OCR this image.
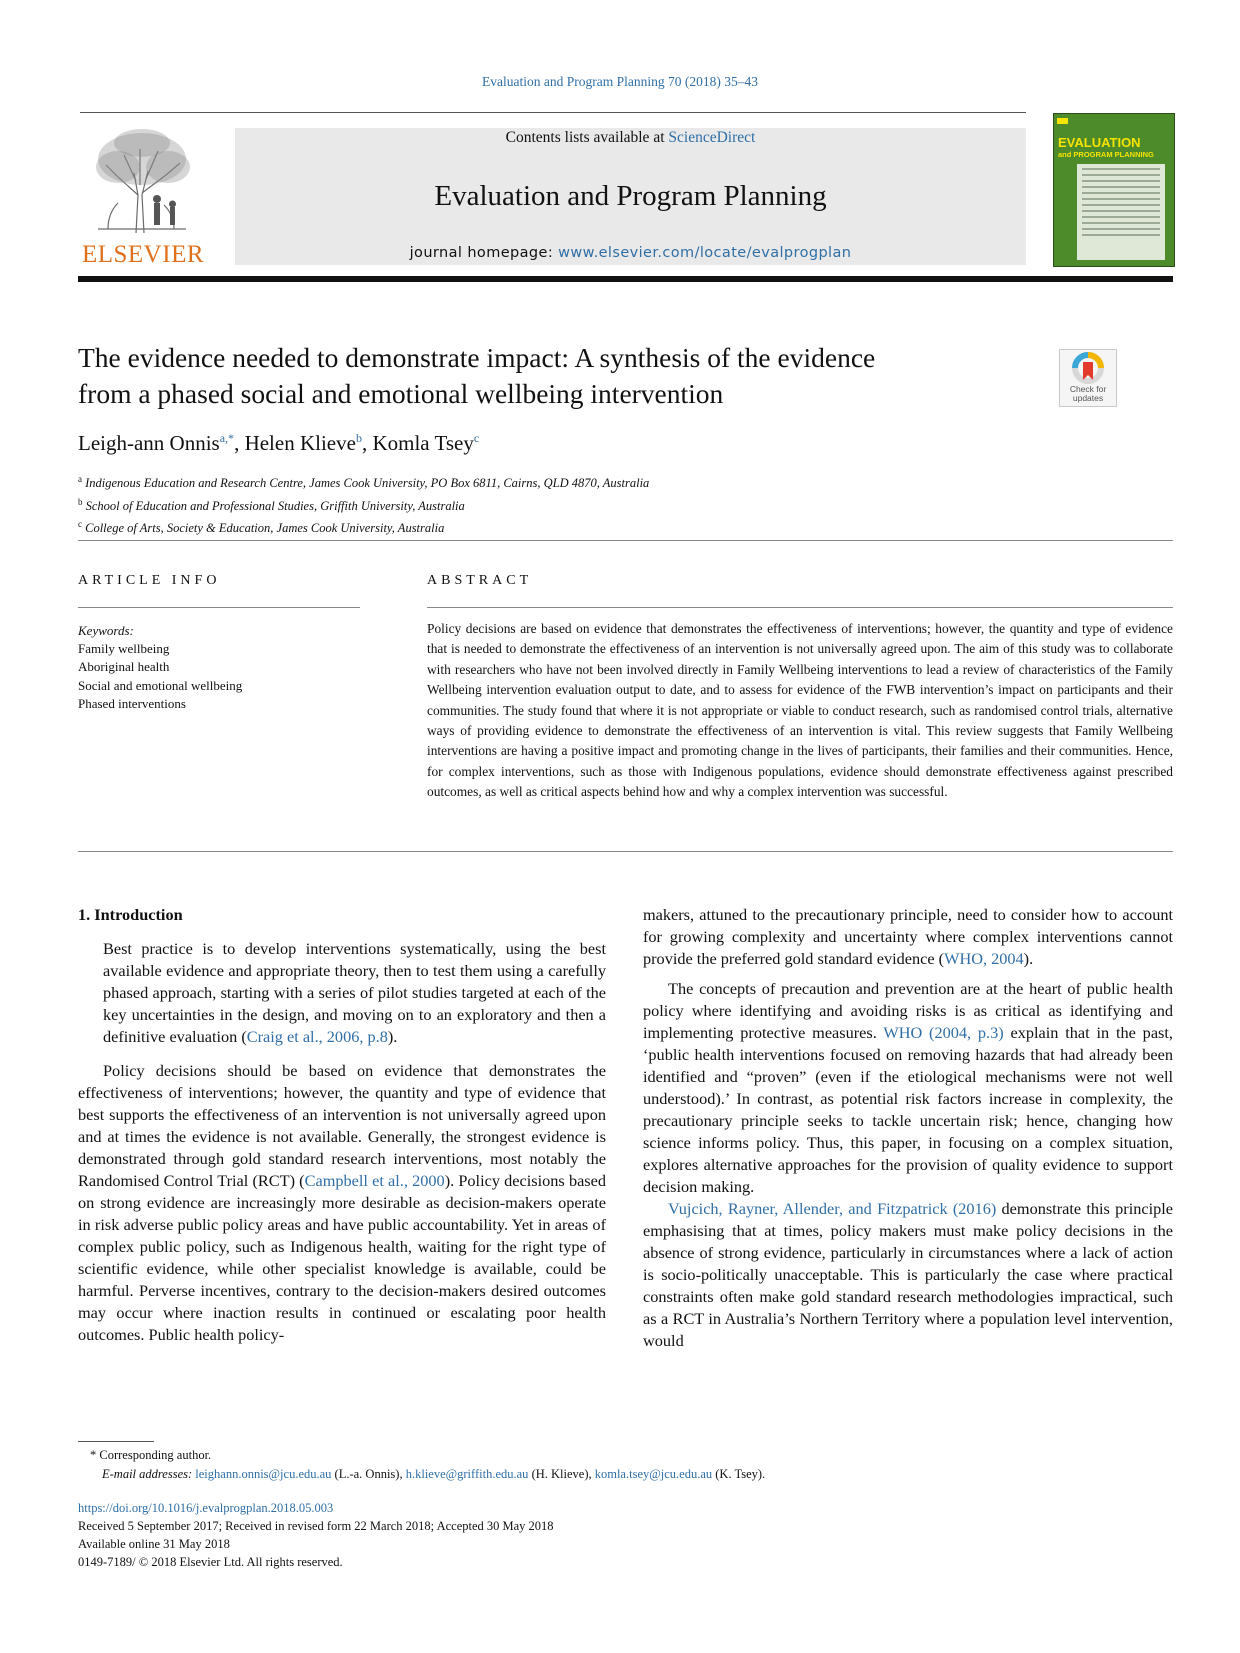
Evaluation and Program Planning 70 (2018) 35–43
ELSEVIER
Contents lists available at ScienceDirect
Evaluation and Program Planning
journal homepage: www.elsevier.com/locate/evalprogplan
EVALUATION
and PROGRAM PLANNING
The evidence needed to demonstrate impact: A synthesis of the evidence
from a phased social and emotional wellbeing intervention	Check for
updates
Leigh-ann Onnis$^{a,*}$, Helen Klieve$^b$, Komla Tsey$^c$
$^a$ Indigenous Education and Research Centre, James Cook University, PO Box 6811, Cairns, QLD 4870, Australia
$^b$ School of Education and Professional Studies, Griffith University, Australia
$^c$ College of Arts, Society & Education, James Cook University, Australia
ARTICLE INFO
Keywords:
Family wellbeing
Aboriginal health
Social and emotional wellbeing
Phased interventions
ABSTRACT
Policy decisions are based on evidence that demonstrates the effectiveness of interventions; however, the quantity and type of evidence that is needed to demonstrate the effectiveness of an intervention is not universally agreed upon. The aim of this study was to collaborate with researchers who have not been involved directly in Family Wellbeing interventions to lead a review of characteristics of the Family Wellbeing intervention evaluation output to date, and to assess for evidence of the FWB intervention’s impact on participants and their communities. The study found that where it is not appropriate or viable to conduct research, such as randomised control trials, alternative ways of providing evidence to demonstrate the effectiveness of an intervention is vital. This review suggests that Family Wellbeing interventions are having a positive impact and promoting change in the lives of participants, their families and their communities. Hence, for complex interventions, such as those with Indigenous populations, evidence should demonstrate effectiveness against prescribed outcomes, as well as critical aspects behind how and why a complex intervention was successful.

1. Introduction

Best practice is to develop interventions systematically, using the best available evidence and appropriate theory, then to test them using a carefully phased approach, starting with a series of pilot studies targeted at each of the key uncertainties in the design, and moving on to an exploratory and then a definitive evaluation (Craig et al., 2006, p.8).

Policy decisions should be based on evidence that demonstrates the effectiveness of interventions; however, the quantity and type of evidence that best supports the effectiveness of an intervention is not universally agreed upon and at times the evidence is not available. Generally, the strongest evidence is demonstrated through gold standard research interventions, most notably the Randomised Control Trial (RCT) (Campbell et al., 2000). Policy decisions based on strong evidence are increasingly more desirable as decision-makers operate in risk adverse public policy areas and have public accountability. Yet in areas of complex public policy, such as Indigenous health, waiting for the right type of scientific evidence, while other specialist knowledge is available, could be harmful. Perverse incentives, contrary to the decision-makers desired outcomes may occur where inaction results in continued or escalating poor health outcomes. Public health policy-

makers, attuned to the precautionary principle, need to consider how to account for growing complexity and uncertainty where complex interventions cannot provide the preferred gold standard evidence (WHO, 2004).

The concepts of precaution and prevention are at the heart of public health policy where identifying and avoiding risks is as critical as identifying and implementing protective measures. WHO (2004, p.3) explain that in the past, ‘public health interventions focused on removing hazards that had already been identified and “proven” (even if the etiological mechanisms were not well understood).’ In contrast, as potential risk factors increase in complexity, the precautionary principle seeks to tackle uncertain risk; hence, changing how science informs policy. Thus, this paper, in focusing on a complex situation, explores alternative approaches for the provision of quality evidence to support decision making.

Vujcich, Rayner, Allender, and Fitzpatrick (2016) demonstrate this principle emphasising that at times, policy makers must make policy decisions in the absence of strong evidence, particularly in circumstances where a lack of action is socio-politically unacceptable. This is particularly the case where practical constraints often make gold standard research methodologies impractical, such as a RCT in Australia’s Northern Territory where a population level intervention, would

* Corresponding author.
E-mail addresses: leighann.onnis@jcu.edu.au (L.-a. Onnis), h.klieve@griffith.edu.au (H. Klieve), komla.tsey@jcu.edu.au (K. Tsey).
https://doi.org/10.1016/j.evalprogplan.2018.05.003
Received 5 September 2017; Received in revised form 22 March 2018; Accepted 30 May 2018
Available online 31 May 2018
0149-7189/ © 2018 Elsevier Ltd. All rights reserved.
